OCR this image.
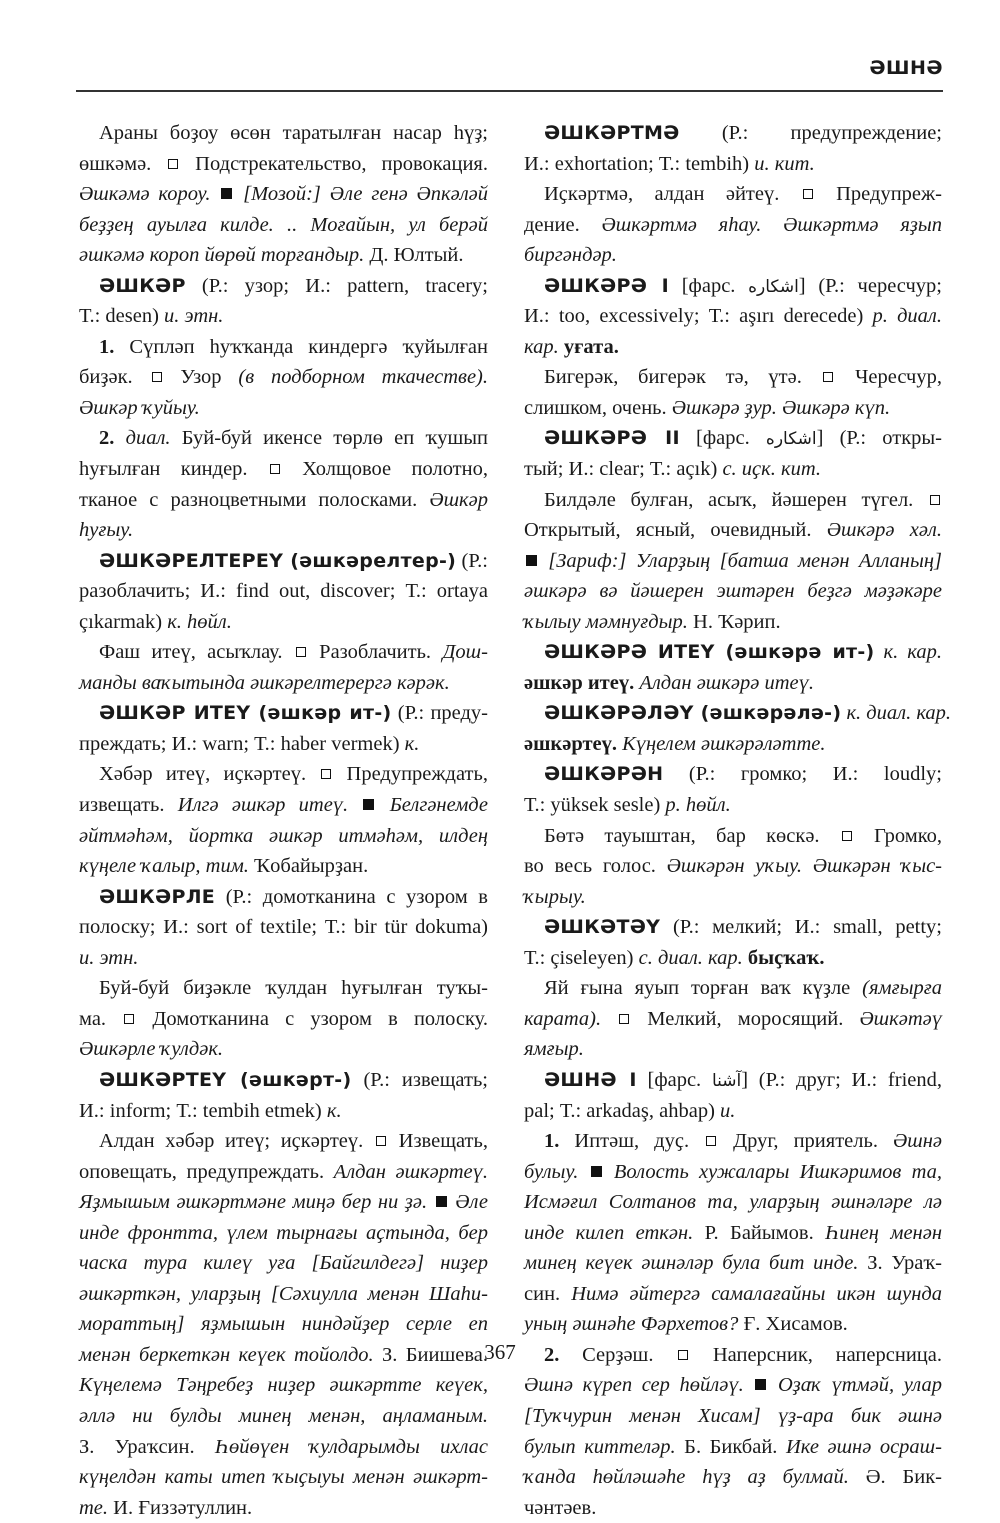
ӘШНӘ
Араны боҙоу өсөн таратылған насар һүҙ;
өшкәмә.  Подстрекательство, провокация.
Әшкәмә короу.  [Мозой:] Әле генә Әпкәләй
беҙҙең ауылға килде. .. Моғайын, ул берәй
әшкәмә короп йөрөй торғандыр. Д. Юлтый.
ӘШКӘР (Р.: узор; И.: pattern, tracery;
Т.: desen) и. этн.
1. Сүпләп һуҡҡанда киндергә ҡуйылған
биҙәк.  Узор (в подборном ткачестве).
Әшкәр ҡуйыу.
2. диал. Буй-буй икенсе төрлө еп ҡушып
һуғылған киндер.  Холщовое полотно,
тканое с разноцветными полосками. Әшкәр
һуғыу.
ӘШКӘРЕЛТЕРЕҮ (әшкәрелтер-) (Р.:
разоблачить; И.: find out, discover; Т.: ortaya
çıkarmak) к. һөйл.
Фаш итеү, асыҡлау.  Разоблачить. Дош-
манды ваҡытында әшкәрелтерергә кәрәк.
ӘШКӘР ИТЕҮ (әшкәр ит-) (Р.: преду-
преждать; И.: warn; Т.: haber vermek) к.
Хәбәр итеү, иҫкәртеү.  Предупреждать,
извещать. Илгә әшкәр итеү.  Белгәнемде
әйтмәһәм, йортка әшкәр итмәһәм, илдең
күңеле ҡалыр, тим. Ҡобайырҙан.
ӘШКӘРЛЕ (Р.: домотканина с узором в
полоску; И.: sort of textile; Т.: bir tür dokuma)
и. этн.
Буй-буй биҙәкле ҡулдан һуғылған туҡы-
ма.  Домотканина с узором в полоску.
Әшкәрле ҡулдәк.
ӘШКӘРТЕҮ (әшкәрт-) (Р.: извещать;
И.: inform; Т.: tembih etmek) к.
Алдан хәбәр итеү; иҫкәртеү.  Извещать,
оповещать, предупреждать. Алдан әшкәртеү.
Яҙмышым әшкәртмәне миңә бер ни ҙә.  Әле
инде фронтта, үлем тырнағы аҫтында, бер
часка тура килеү уға [Байгилдегә] ниҙер
әшкәрткән, уларҙың [Сәхиулла менән Шаһи-
мораттың] яҙмышын ниндәйҙер серле еп
менән беркеткән кеүек тойолдо. З. Биишева.
Күңелемә Тәңребеҙ ниҙер әшкәртте кеүек,
әллә ни булды минең менән, аңламаным.
З. Ураҡсин. Һөйөүен ҡулдарымды ихлас
күңелдән каты итеп ҡыҫыуы менән әшкәрт-
те. И. Ғиззәтуллин.
ӘШКӘРТМӘ (Р.: предупреждение;
И.: exhortation; Т.: tembih) и. кит.
Иҫкәртмә, алдан әйтеү.  Предупреж-
дение. Әшкәртмә яһау. Әшкәртмә яҙып
биргәндәр.
ӘШКӘРӘ I [фарс. اشكاره] (Р.: чересчур;
И.: too, excessively; Т.: aşırı derecede) р. диал.
кар. уғата.
Бигерәк, бигерәк тә, үтә.  Чересчур,
слишком, очень. Әшкәрә ҙур. Әшкәрә күп.
ӘШКӘРӘ II [фарс. اشكاره] (Р.: откры-
тый; И.: clear; Т.: açık) с. иҫк. кит.
Билдәле булған, асыҡ, йәшерен түгел.
Открытый, ясный, очевидный. Әшкәрә хәл.
[Зариф:] Уларҙың [батша менән Алланың]
әшкәрә вә йәшерен эштәрен беҙгә мәҙәкәре
ҡылыу мәмнуғдыр. Н. Ҡәрип.
ӘШКӘРӘ ИТЕҮ (әшкәрә ит-) к. кар.
әшкәр итеү. Алдан әшкәрә итеү.
ӘШКӘРӘЛӘҮ (әшкәрәлә-) к. диал. кар.
әшкәртеү. Күңелем әшкәрәләтте.
ӘШКӘРӘН (Р.: громко; И.: loudly;
Т.: yüksek sesle) р. һөйл.
Бөтә тауыштан, бар көскә.  Громко,
во весь голос. Әшкәрән уҡыу. Әшкәрән ҡыс-
ҡырыу.
ӘШКӘТӘҮ (Р.: мелкий; И.: small, petty;
Т.: çiseleyen) с. диал. кар. быҫҡаҡ.
Яй ғына яуып торған ваҡ күҙле (ямғырға
карата).  Мелкий, моросящий. Әшкәтәү
ямғыр.
ӘШНӘ I [фарс. آشنا] (Р.: друг; И.: friend,
pal; Т.: arkadaş, ahbap) и.
1. Иптәш, дуҫ.  Друг, приятель. Әшнә
булыу.  Волость хужалары Ишкәримов та,
Исмәғил Солтанов та, уларҙың әшнәләре лә
инде килеп еткән. Р. Байымов. Һинең менән
минең кеүек әшнәләр була бит инде. З. Ураҡ-
син. Нимә әйтергә самалағайны икән шунда
уның әшнәһе Фәрхетов? Ғ. Хисамов.
2. Серҙәш.  Наперсник, наперсница.
Әшнә күреп сер һөйләү.  Оҙаҡ үтмәй, улар
[Туҡчурин менән Хисам] үҙ-ара бик әшнә
булып киттеләр. Б. Бикбай. Ике әшнә осраш-
ҡанда һөйләшәһе һүҙ аҙ булмай. Ә. Бик-
чәнтәев.
367
